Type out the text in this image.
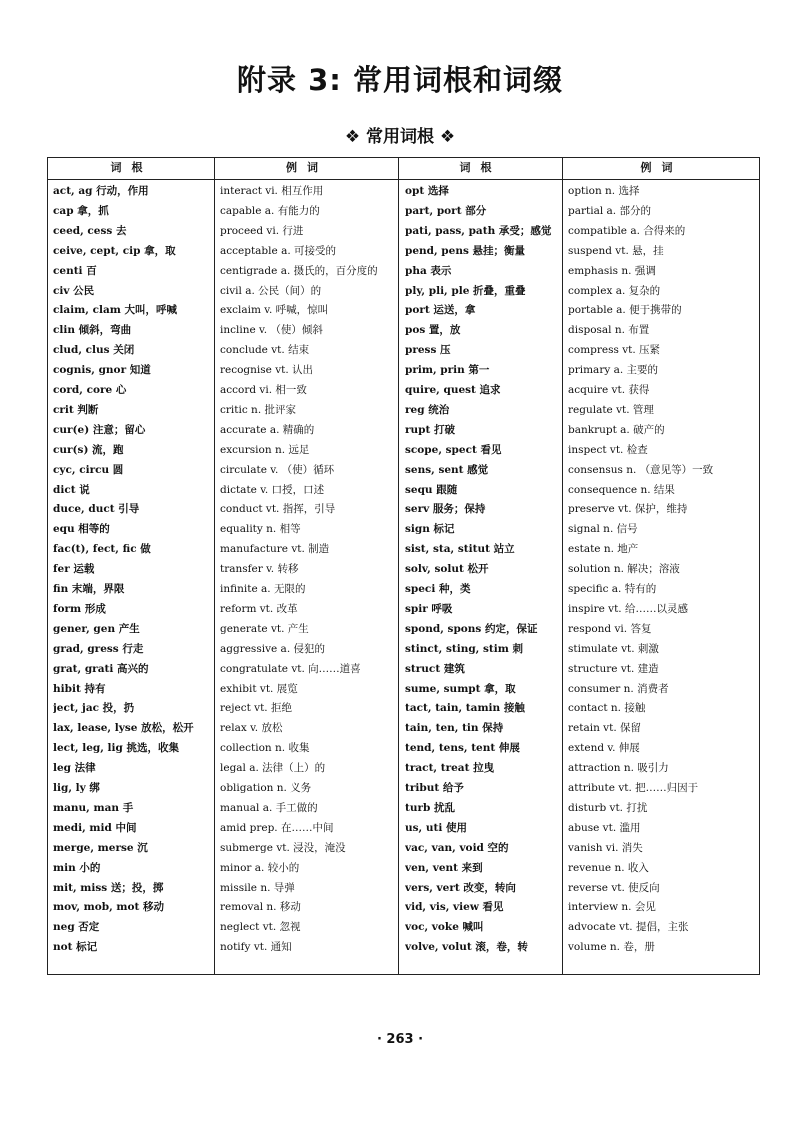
附录 3: 常用词根和词缀
❖ 常用词根 ❖
词根	例词	词根	例词
act, ag 行动，作用	interact vi. 相互作用	opt 选择	option n. 选择
cap 拿，抓	capable a. 有能力的	part, port 部分	partial a. 部分的
ceed, cess 去	proceed vi. 行进	pati, pass, path 承受；感觉	compatible a. 合得来的
ceive, cept, cip 拿，取	acceptable a. 可接受的	pend, pens 悬挂；衡量	suspend vt. 悬，挂
centi 百	centigrade a. 摄氏的，百分度的	pha 表示	emphasis n. 强调
civ 公民	civil a. 公民（间）的	ply, pli, ple 折叠，重叠	complex a. 复杂的
claim, clam 大叫，呼喊	exclaim v. 呼喊，惊叫	port 运送，拿	portable a. 便于携带的
clin 倾斜，弯曲	incline v. （使）倾斜	pos 置，放	disposal n. 布置
clud, clus 关闭	conclude vt. 结束	press 压	compress vt. 压紧
cognis, gnor 知道	recognise vt. 认出	prim, prin 第一	primary a. 主要的
cord, core 心	accord vi. 相一致	quire, quest 追求	acquire vt. 获得
crit 判断	critic n. 批评家	reg 统治	regulate vt. 管理
cur(e) 注意；留心	accurate a. 精确的	rupt 打破	bankrupt a. 破产的
cur(s) 流，跑	excursion n. 远足	scope, spect 看见	inspect vt. 检查
cyc, circu 圆	circulate v. （使）循环	sens, sent 感觉	consensus n. （意见等）一致
dict 说	dictate v. 口授，口述	sequ 跟随	consequence n. 结果
duce, duct 引导	conduct vt. 指挥，引导	serv 服务；保持	preserve vt. 保护，维持
equ 相等的	equality n. 相等	sign 标记	signal n. 信号
fac(t), fect, fic 做	manufacture vt. 制造	sist, sta, stitut 站立	estate n. 地产
fer 运载	transfer v. 转移	solv, solut 松开	solution n. 解决；溶液
fin 末端，界限	infinite a. 无限的	speci 种，类	specific a. 特有的
form 形成	reform vt. 改革	spir 呼吸	inspire vt. 给……以灵感
gener, gen 产生	generate vt. 产生	spond, spons 约定，保证	respond vi. 答复
grad, gress 行走	aggressive a. 侵犯的	stinct, sting, stim 刺	stimulate vt. 刺激
grat, grati 高兴的	congratulate vt. 向……道喜	struct 建筑	structure vt. 建造
hibit 持有	exhibit vt. 展览	sume, sumpt 拿，取	consumer n. 消费者
ject, jac 投，扔	reject vt. 拒绝	tact, tain, tamin 接触	contact n. 接触
lax, lease, lyse 放松，松开	relax v. 放松	tain, ten, tin 保持	retain vt. 保留
lect, leg, lig 挑选，收集	collection n. 收集	tend, tens, tent 伸展	extend v. 伸展
leg 法律	legal a. 法律（上）的	tract, treat 拉曳	attraction n. 吸引力
lig, ly 绑	obligation n. 义务	tribut 给予	attribute vt. 把……归因于
manu, man 手	manual a. 手工做的	turb 扰乱	disturb vt. 打扰
medi, mid 中间	amid prep. 在……中间	us, uti 使用	abuse vt. 滥用
merge, merse 沉	submerge vt. 浸没，淹没	vac, van, void 空的	vanish vi. 消失
min 小的	minor a. 较小的	ven, vent 来到	revenue n. 收入
mit, miss 送；投，掷	missile n. 导弹	vers, vert 改变，转向	reverse vt. 使反向
mov, mob, mot 移动	removal n. 移动	vid, vis, view 看见	interview n. 会见
neg 否定	neglect vt. 忽视	voc, voke 喊叫	advocate vt. 提倡，主张
not 标记	notify vt. 通知	volve, volut 滚，卷，转	volume n. 卷，册
· 263 ·
